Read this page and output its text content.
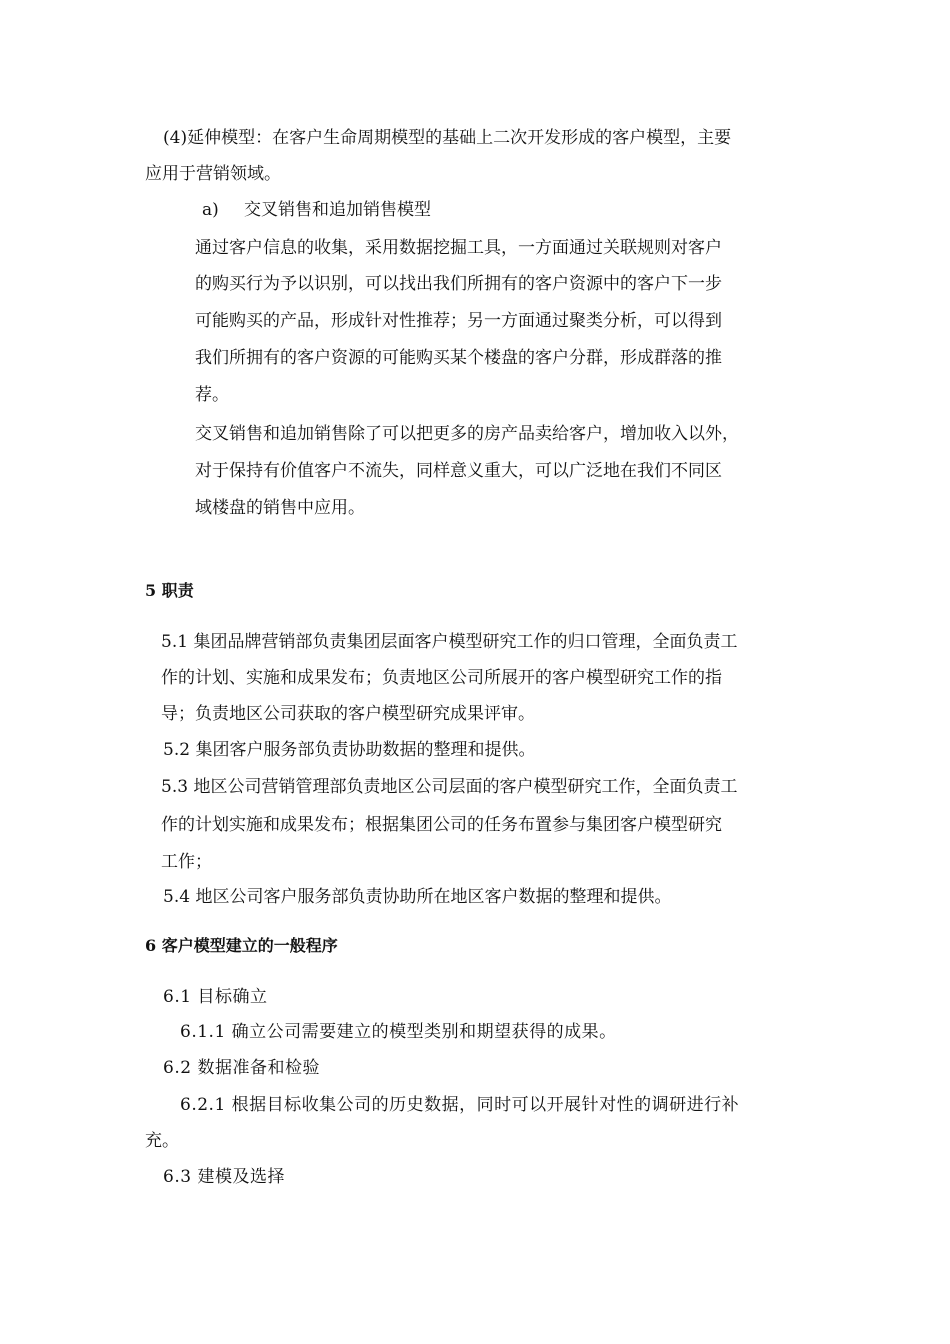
(4)延伸模型：在客户生命周期模型的基础上二次开发形成的客户模型，主要
应用于营销领域。
a) 交叉销售和追加销售模型
通过客户信息的收集，采用数据挖掘工具，一方面通过关联规则对客户
的购买行为予以识别，可以找出我们所拥有的客户资源中的客户下一步
可能购买的产品，形成针对性推荐；另一方面通过聚类分析，可以得到
我们所拥有的客户资源的可能购买某个楼盘的客户分群，形成群落的推
荐。
交叉销售和追加销售除了可以把更多的房产品卖给客户，增加收入以外，
对于保持有价值客户不流失，同样意义重大，可以广泛地在我们不同区
域楼盘的销售中应用。
5 职责
5.1 集团品牌营销部负责集团层面客户模型研究工作的归口管理，全面负责工
作的计划、实施和成果发布；负责地区公司所展开的客户模型研究工作的指
导；负责地区公司获取的客户模型研究成果评审。
5.2 集团客户服务部负责协助数据的整理和提供。
5.3 地区公司营销管理部负责地区公司层面的客户模型研究工作，全面负责工
作的计划实施和成果发布；根据集团公司的任务布置参与集团客户模型研究
工作；
5.4 地区公司客户服务部负责协助所在地区客户数据的整理和提供。
6 客户模型建立的一般程序
6.1 目标确立
6.1.1 确立公司需要建立的模型类别和期望获得的成果。
6.2 数据准备和检验
6.2.1 根据目标收集公司的历史数据，同时可以开展针对性的调研进行补
充。
6.3 建模及选择
